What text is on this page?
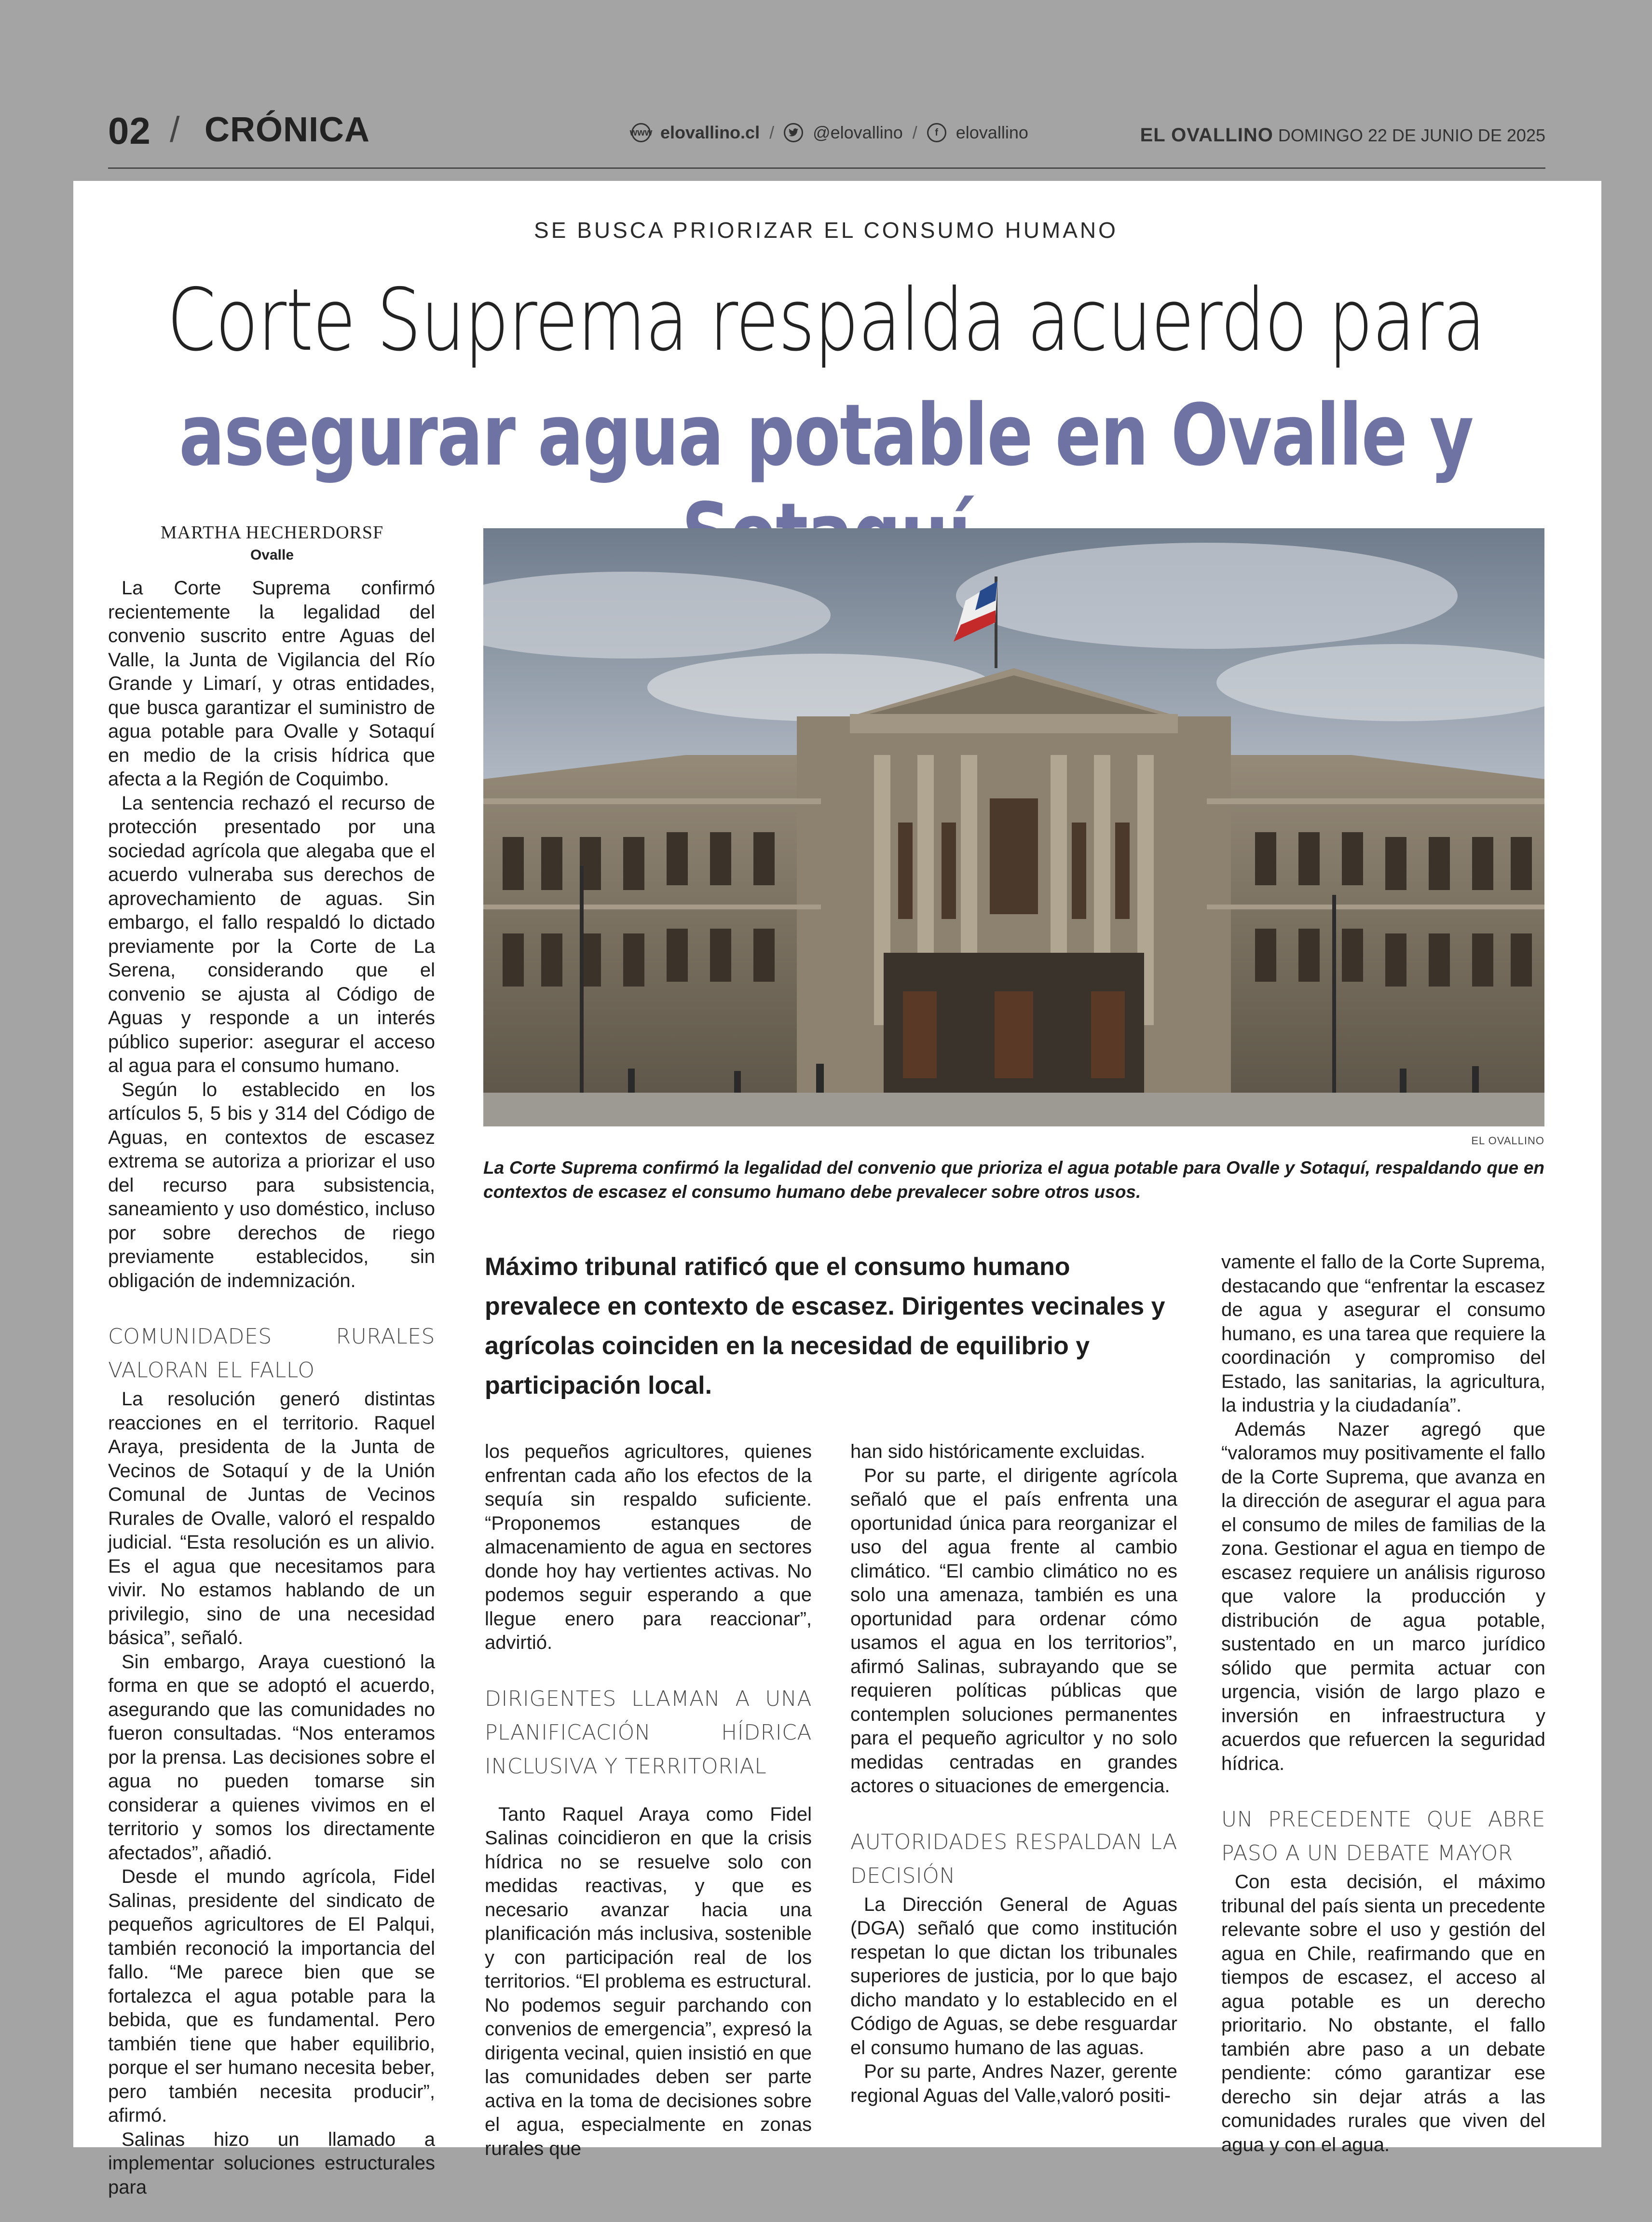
02 / CRÓNICA	www elovallino.cl / @elovallino /	f	elovallino	EL OVALLINO DOMINGO 22 DE JUNIO DE 2025
SE BUSCA PRIORIZAR EL CONSUMO HUMANO
Corte Suprema respalda acuerdo para
asegurar agua potable en Ovalle y
MARTHA HECHERDORSF
Ovalle

La Corte Suprema confirmó recientemente la legalidad del convenio suscrito entre Aguas del Valle, la Junta de Vigilancia del Río Grande y Limarí, y otras entidades, que busca garantizar el suministro de agua potable para Ovalle y Sotaquí en medio de la crisis hídrica que afecta a la Región de Coquimbo.

La sentencia rechazó el recurso de protección presentado por una sociedad agrícola que alegaba que el acuerdo vulneraba sus derechos de aprovechamiento de aguas. Sin embargo, el fallo respaldó lo dictado previamente por la Corte de La Serena, considerando que el convenio se ajusta al Código de Aguas y responde a un interés público superior: asegurar el acceso al agua para el consumo humano.

Según lo establecido en los artículos 5, 5 bis y 314 del Código de Aguas, en contextos de escasez extrema se autoriza a priorizar el uso del recurso para subsistencia, saneamiento y uso doméstico, incluso por sobre derechos de riego previamente establecidos, sin obligación de indemnización.

COMUNIDADES RURALES VALORAN EL FALLO

La resolución generó distintas reacciones en el territorio. Raquel Araya, presidenta de la Junta de Vecinos de Sotaquí y de la Unión Comunal de Juntas de Vecinos Rurales de Ovalle, valoró el respaldo judicial. “Esta resolución es un alivio. Es el agua que necesitamos para vivir. No estamos hablando de un privilegio, sino de una necesidad básica”, señaló.

Sin embargo, Araya cuestionó la forma en que se adoptó el acuerdo, asegurando que las comunidades no fueron consultadas. “Nos enteramos por la prensa. Las decisiones sobre el agua no pueden tomarse sin considerar a quienes vivimos en el territorio y somos los directamente afectados”, añadió.

Desde el mundo agrícola, Fidel Salinas, presidente del sindicato de pequeños agricultores de El Palqui, también reconoció la importancia del fallo. “Me parece bien que se fortalezca el agua potable para la bebida, que es fundamental. Pero también tiene que haber equilibrio, porque el ser humano necesita beber, pero también necesita producir”, afirmó.

Salinas hizo un llamado a implementar soluciones estructurales para

EL OVALLINO
La Corte Suprema confirmó la legalidad del convenio que prioriza el agua potable para Ovalle y Sotaquí, respaldando que en contextos de escasez el consumo humano debe prevalecer sobre otros usos.
Máximo tribunal ratificó que el consumo humano prevalece en contexto de escasez. Dirigentes vecinales y agrícolas coinciden en la necesidad de equilibrio y participación local.

los pequeños agricultores, quienes enfrentan cada año los efectos de la sequía sin respaldo suficiente. “Proponemos estanques de almacenamiento de agua en sectores donde hoy hay vertientes activas. No podemos seguir esperando a que llegue enero para reaccionar”, advirtió.

DIRIGENTES LLAMAN A UNA PLANIFICACIÓN HÍDRICA INCLUSIVA Y TERRITORIAL

Tanto Raquel Araya como Fidel Salinas coincidieron en que la crisis hídrica no se resuelve solo con medidas reactivas, y que es necesario avanzar hacia una planificación más inclusiva, sostenible y con participación real de los territorios. “El problema es estructural. No podemos seguir parchando con convenios de emergencia”, expresó la dirigenta vecinal, quien insistió en que las comunidades deben ser parte activa en la toma de decisiones sobre el agua, especialmente en zonas rurales que

han sido históricamente excluidas.

Por su parte, el dirigente agrícola señaló que el país enfrenta una oportunidad única para reorganizar el uso del agua frente al cambio climático. “El cambio climático no es solo una amenaza, también es una oportunidad para ordenar cómo usamos el agua en los territorios”, afirmó Salinas, subrayando que se requieren políticas públicas que contemplen soluciones permanentes para el pequeño agricultor y no solo medidas centradas en grandes actores o situaciones de emergencia.

AUTORIDADES RESPALDAN LA DECISIÓN

La Dirección General de Aguas (DGA) señaló que como institución respetan lo que dictan los tribunales superiores de justicia, por lo que bajo dicho mandato y lo establecido en el Código de Aguas, se debe resguardar el consumo humano de las aguas.

Por su parte, Andres Nazer, gerente regional Aguas del Valle,valoró positi-

vamente el fallo de la Corte Suprema, destacando que “enfrentar la escasez de agua y asegurar el consumo humano, es una tarea que requiere la coordinación y compromiso del Estado, las sanitarias, la agricultura, la industria y la ciudadanía”.

Además Nazer agregó que “valoramos muy positivamente el fallo de la Corte Suprema, que avanza en la dirección de asegurar el agua para el consumo de miles de familias de la zona. Gestionar el agua en tiempo de escasez requiere un análisis riguroso que valore la producción y distribución de agua potable, sustentado en un marco jurídico sólido que permita actuar con urgencia, visión de largo plazo e inversión en infraestructura y acuerdos que refuercen la seguridad hídrica.

UN PRECEDENTE QUE ABRE PASO A UN DEBATE MAYOR

Con esta decisión, el máximo tribunal del país sienta un precedente relevante sobre el uso y gestión del agua en Chile, reafirmando que en tiempos de escasez, el acceso al agua potable es un derecho prioritario. No obstante, el fallo también abre paso a un debate pendiente: cómo garantizar ese derecho sin dejar atrás a las comunidades rurales que viven del agua y con el agua.
